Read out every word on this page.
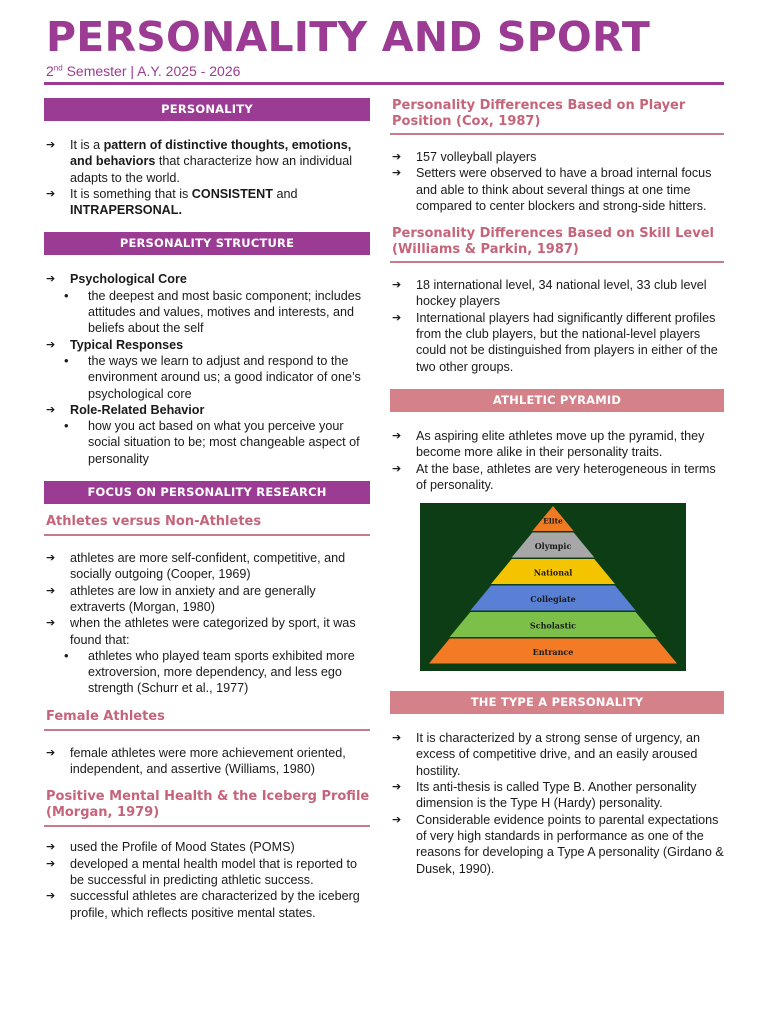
PERSONALITY AND SPORT
2nd Semester | A.Y. 2025 - 2026
PERSONALITY
➔ It is a pattern of distinctive thoughts, emotions, and behaviors that characterize how an individual adapts to the world.
➔ It is something that is CONSISTENT and INTRAPERSONAL.
PERSONALITY STRUCTURE
➔ Psychological Core
• the deepest and most basic component; includes attitudes and values, motives and interests, and beliefs about the self
➔ Typical Responses
• the ways we learn to adjust and respond to the environment around us; a good indicator of one’s psychological core
➔ Role-Related Behavior
• how you act based on what you perceive your social situation to be; most changeable aspect of personality
FOCUS ON PERSONALITY RESEARCH
Athletes versus Non-Athletes
➔ athletes are more self-confident, competitive, and socially outgoing (Cooper, 1969)
➔ athletes are low in anxiety and are generally extraverts (Morgan, 1980)
➔ when the athletes were categorized by sport, it was found that:
• athletes who played team sports exhibited more extroversion, more dependency, and less ego strength (Schurr et al., 1977)
Female Athletes
➔ female athletes were more achievement oriented, independent, and assertive (Williams, 1980)
Positive Mental Health & the Iceberg Profile (Morgan, 1979)
➔ used the Profile of Mood States (POMS)
➔ developed a mental health model that is reported to be successful in predicting athletic success.
➔ successful athletes are characterized by the iceberg profile, which reflects positive mental states.
Personality Differences Based on Player Position (Cox, 1987)
➔ 157 volleyball players
➔ Setters were observed to have a broad internal focus and able to think about several things at one time compared to center blockers and strong-side hitters.
Personality Differences Based on Skill Level (Williams & Parkin, 1987)
➔ 18 international level, 34 national level, 33 club level hockey players
➔ International players had significantly different profiles from the club players, but the national-level players could not be distinguished from players in either of the two other groups.
ATHLETIC PYRAMID
➔ As aspiring elite athletes move up the pyramid, they become more alike in their personality traits.
➔ At the base, athletes are very heterogeneous in terms of personality.
Elite
Olympic
National
Collegiate
Scholastic
Entrance
THE TYPE A PERSONALITY
➔ It is characterized by a strong sense of urgency, an excess of competitive drive, and an easily aroused hostility.
➔ Its anti-thesis is called Type B. Another personality dimension is the Type H (Hardy) personality.
➔ Considerable evidence points to parental expectations of very high standards in performance as one of the reasons for developing a Type A personality (Girdano & Dusek, 1990).
